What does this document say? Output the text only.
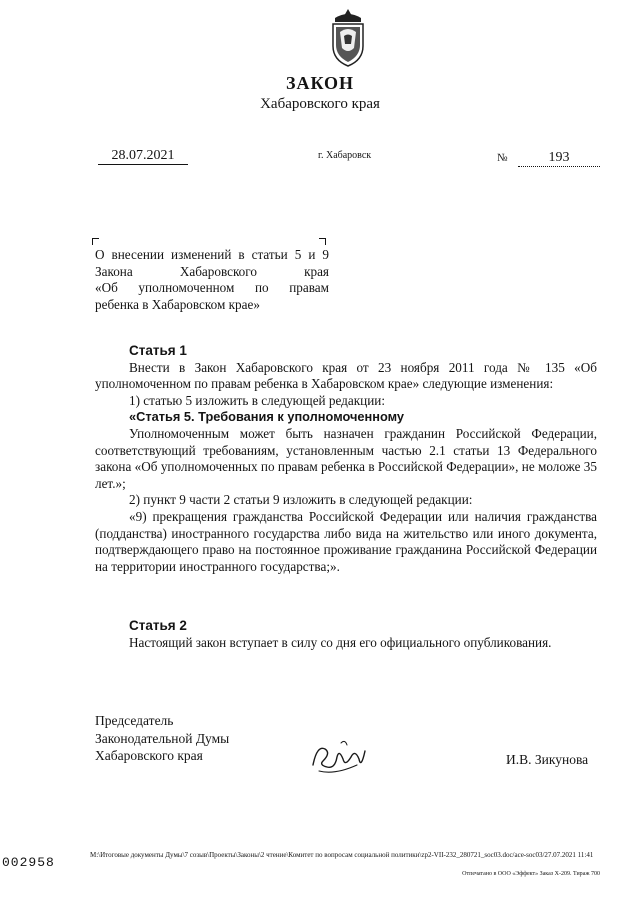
ЗАКОН
Хабаровского края
28.07.2021	г. Хабаровск	№	193
О внесении изменений в статьи 5 и 9
Закона Хабаровского края
«Об уполномоченном по правам
ребенка в Хабаровском крае»
Статья 1
Внести в Закон Хабаровского края от 23 ноября 2011 года № 135 «Об уполномоченном по правам ребенка в Хабаровском крае» следующие изменения:
1) статью 5 изложить в следующей редакции:
«Статья 5. Требования к уполномоченному
Уполномоченным может быть назначен гражданин Российской Федерации, соответствующий требованиям, установленным частью 2.1 статьи 13 Федерального закона «Об уполномоченных по правам ребенка в Российской Федерации», не моложе 35 лет.»;
2) пункт 9 части 2 статьи 9 изложить в следующей редакции:
«9) прекращения гражданства Российской Федерации или наличия гражданства (подданства) иностранного государства либо вида на жительство или иного документа, подтверждающего право на постоянное проживание гражданина Российской Федерации на территории иностранного государства;».
Статья 2
Настоящий закон вступает в силу со дня его официального опубликования.
Председатель
Законодательной Думы
Хабаровского края	И.В. Зикунова
002958	M:\Итоговые документы Думы\7 созыв\Проекты\Законы\2 чтение\Комитет по вопросам социальной политики\zp2-VII-232_280721_soc03.doc/ace-soc03/27.07.2021 11:41
Отпечатано в ООО «Эффект» Заказ Х-209. Тираж 700
